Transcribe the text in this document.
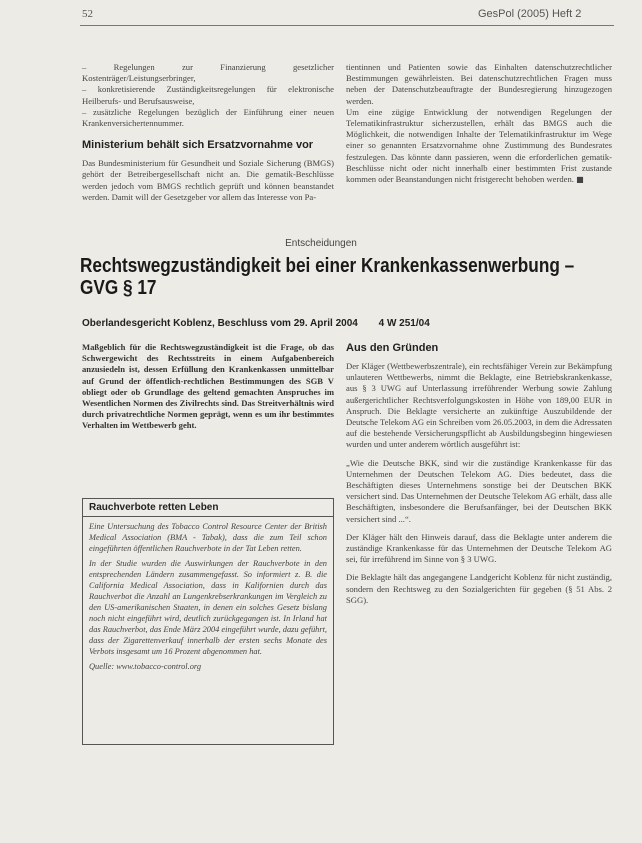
52	GesPol (2005) Heft 2

– Regelungen zur Finanzierung gesetzlicher Kostenträger/Leistungserbringer,

– konkretisierende Zuständigkeitsregelungen für elektronische Heilberufs- und Berufsausweise,

– zusätzliche Regelungen bezüglich der Einführung einer neuen Krankenversichertennummer.

Ministerium behält sich Ersatzvornahme vor

Das Bundesministerium für Gesundheit und Soziale Sicherung (BMGS) gehört der Betreibergesellschaft nicht an. Die gematik-Beschlüsse werden jedoch vom BMGS rechtlich geprüft und können beanstandet werden. Damit will der Gesetzgeber vor allem das Interesse von Pa-

tientinnen und Patienten sowie das Einhalten datenschutzrechtlicher Bestimmungen gewährleisten. Bei datenschutzrechtlichen Fragen muss neben der Datenschutzbeauftragte der Bundesregierung hinzugezogen werden.

Um eine zügige Entwicklung der notwendigen Regelungen der Telematikinfrastruktur sicherzustellen, erhält das BMGS auch die Möglichkeit, die notwendigen Inhalte der Telematikinfrastruktur im Wege einer so genannten Ersatzvornahme ohne Zustimmung des Bundesrates festzulegen. Das könnte dann passieren, wenn die erforderlichen gematik-Beschlüsse nicht oder nicht innerhalb einer bestimmten Frist zustande kommen oder Beanstandungen nicht fristgerecht behoben werden. ■

Entscheidungen
Rechtswegzuständigkeit bei einer Krankenkassenwerbung – GVG § 17
Oberlandesgericht Koblenz, Beschluss vom 29. April 2004 4 W 251/04
Maßgeblich für die Rechtswegzuständigkeit ist die Frage, ob das Schwergewicht des Rechtsstreits in einem Aufgabenbereich anzusiedeln ist, dessen Erfüllung den Krankenkassen unmittelbar auf Grund der öffentlich-rechtlichen Bestimmungen des SGB V obliegt oder ob Grundlage des geltend gemachten Anspruches im Wesentlichen Normen des Zivilrechts sind. Das Streitverhältnis wird durch privatrechtliche Normen geprägt, wenn es um ihr bestimmtes Verhalten im Wettbewerb geht.
Rauchverbote retten Leben

Eine Untersuchung des Tobacco Control Resource Center der British Medical Association (BMA - Tabak), dass die zum Teil schon eingeführten öffentlichen Rauchverbote in der Tat Leben retten.

In der Studie wurden die Auswirkungen der Rauchverbote in den entsprechenden Ländern zusammengefasst. So informiert z. B. die California Medical Association, dass in Kalifornien durch das Rauchverbot die Anzahl an Lungenkrebserkrankungen im Vergleich zu den US-amerikanischen Staaten, in denen ein solches Gesetz bislang noch nicht eingeführt wird, deutlich zurückgegangen ist. In Irland hat das Rauchverbot, das Ende März 2004 eingeführt wurde, dazu geführt, dass der Zigarettenverkauf innerhalb der ersten sechs Monate des Verbots insgesamt um 16 Prozent abgenommen hat.

Quelle: www.tobacco-control.org

Aus den Gründen

Der Kläger (Wettbewerbszentrale), ein rechtsfähiger Verein zur Bekämpfung unlauteren Wettbewerbs, nimmt die Beklagte, eine Betriebskrankenkasse, aus § 3 UWG auf Unterlassung irreführender Werbung sowie Zahlung außergerichtlicher Rechtsverfolgungskosten in Höhe von 189,00 EUR in Anspruch. Die Beklagte versicherte an zukünftige Auszubildende der Deutsche Telekom AG ein Schreiben vom 26.05.2003, in dem die Adressaten auf die bestehende Versicherungspflicht ab Ausbildungsbeginn hingewiesen wurden und unter anderem wörtlich ausgeführt ist:

„Wie die Deutsche BKK, sind wir die zuständige Krankenkasse für das Unternehmen der Deutschen Telekom AG. Dies bedeutet, dass die Beschäftigten dieses Unternehmens sonstige bei der Deutschen BKK versichert sind. Das Unternehmen der Deutsche Telekom AG erhält, dass alle Beschäftigten, insbesondere die Berufsanfänger, bei der Deutschen BKK versichert sind ...“.

Der Kläger hält den Hinweis darauf, dass die Beklagte unter anderem die zuständige Krankenkasse für das Unternehmen der Deutsche Telekom AG sei, für irreführend im Sinne von § 3 UWG.

Die Beklagte hält das angegangene Landgericht Koblenz für nicht zuständig, sondern den Rechtsweg zu den Sozialgerichten für gegeben (§ 51 Abs. 2 SGG).
